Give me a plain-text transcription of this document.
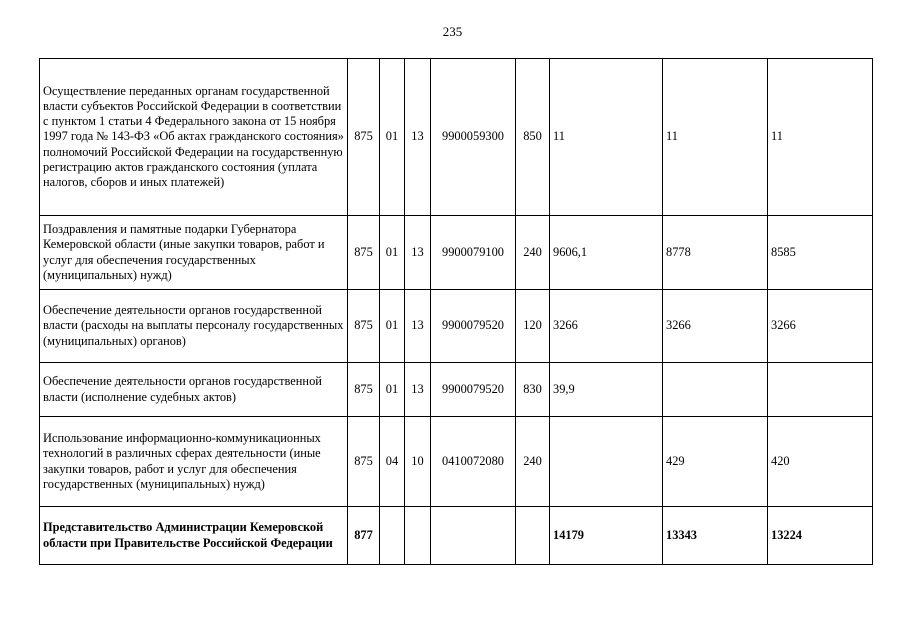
235
Осуществление переданных органам государственной власти субъектов Российской Федерации в соответствии с пунктом 1 статьи 4 Федерального закона от 15 ноября 1997 года № 143-ФЗ «Об актах гражданского состояния» полномочий Российской Федерации на государственную регистрацию актов гражданского состояния (уплата налогов, сборов и иных платежей)	875	01	13	9900059300	850	11	11	11
Поздравления и памятные подарки Губернатора Кемеровской области (иные закупки товаров, работ и услуг для обеспечения государственных (муниципальных) нужд)	875	01	13	9900079100	240	9606,1	8778	8585
Обеспечение деятельности органов государственной власти (расходы на выплаты персоналу государственных (муниципальных) органов)	875	01	13	9900079520	120	3266	3266	3266
Обеспечение деятельности органов государственной власти (исполнение судебных актов)	875	01	13	9900079520	830	39,9		
Использование информационно-коммуникационных технологий в различных сферах деятельности (иные закупки товаров, работ и услуг для обеспечения государственных (муниципальных) нужд)	875	04	10	0410072080	240		429	420
Представительство Администрации Кемеровской области при Правительстве Российской Федерации	877					14179	13343	13224
